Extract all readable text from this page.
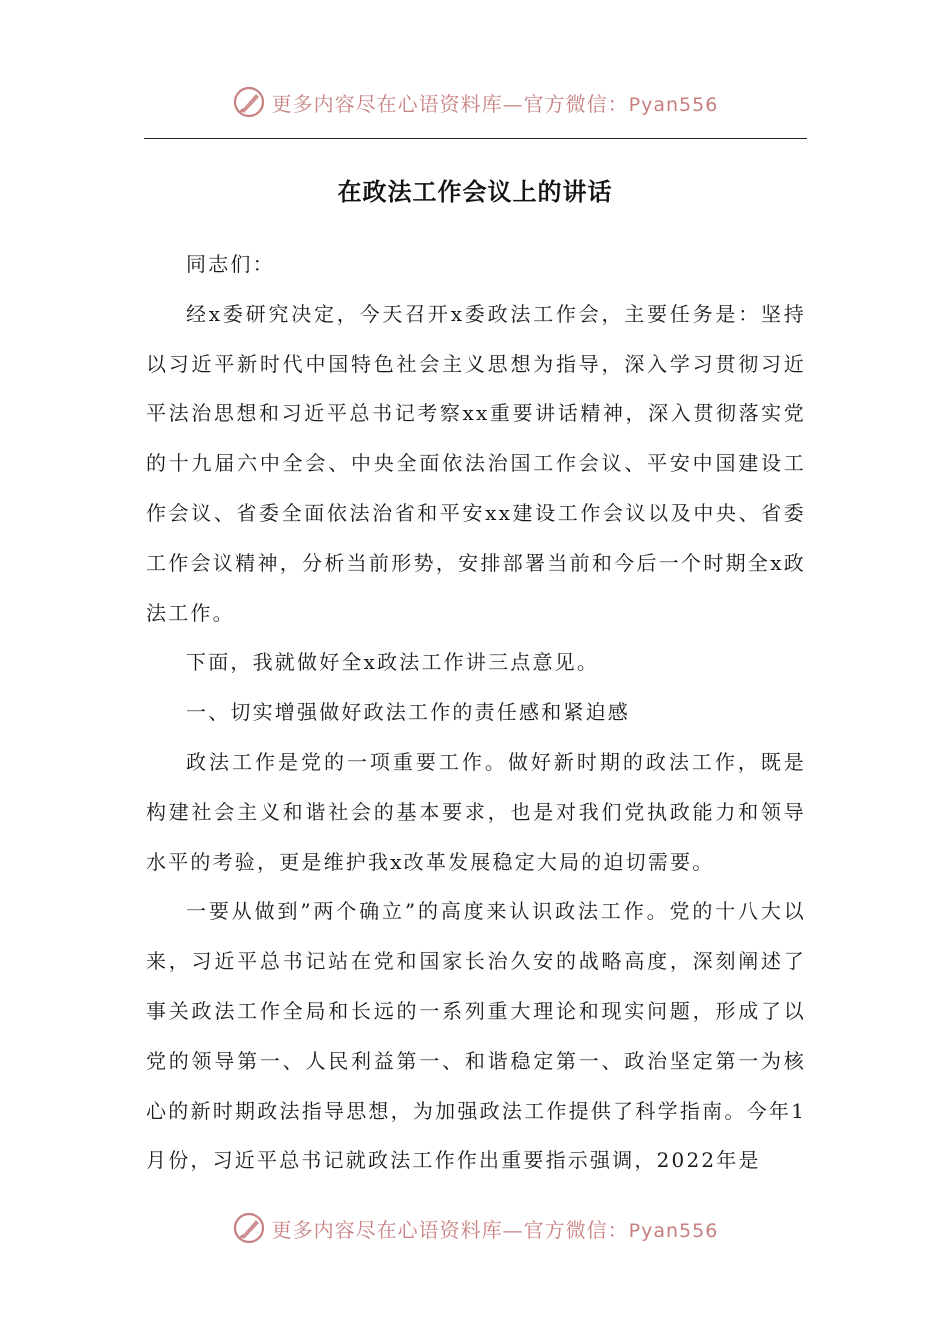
更多内容尽在心语资料库—官方微信：Pyan556
在政法工作会议上的讲话

同志们：

经x委研究决定，今天召开x委政法工作会，主要任务是：坚持以习近平新时代中国特色社会主义思想为指导，深入学习贯彻习近平法治思想和习近平总书记考察xx重要讲话精神，深入贯彻落实党的十九届六中全会、中央全面依法治国工作会议、平安中国建设工作会议、省委全面依法治省和平安xx建设工作会议以及中央、省委工作会议精神，分析当前形势，安排部署当前和今后一个时期全x政法工作。

下面，我就做好全x政法工作讲三点意见。

一、切实增强做好政法工作的责任感和紧迫感

政法工作是党的一项重要工作。做好新时期的政法工作，既是构建社会主义和谐社会的基本要求，也是对我们党执政能力和领导水平的考验，更是维护我x改革发展稳定大局的迫切需要。

一要从做到”两个确立”的高度来认识政法工作。党的十八大以来，习近平总书记站在党和国家长治久安的战略高度，深刻阐述了事关政法工作全局和长远的一系列重大理论和现实问题，形成了以党的领导第一、人民利益第一、和谐稳定第一、政治坚定第一为核心的新时期政法指导思想，为加强政法工作提供了科学指南。今年1月份，习近平总书记就政法工作作出重要指示强调，2022年是

更多内容尽在心语资料库—官方微信：Pyan556
